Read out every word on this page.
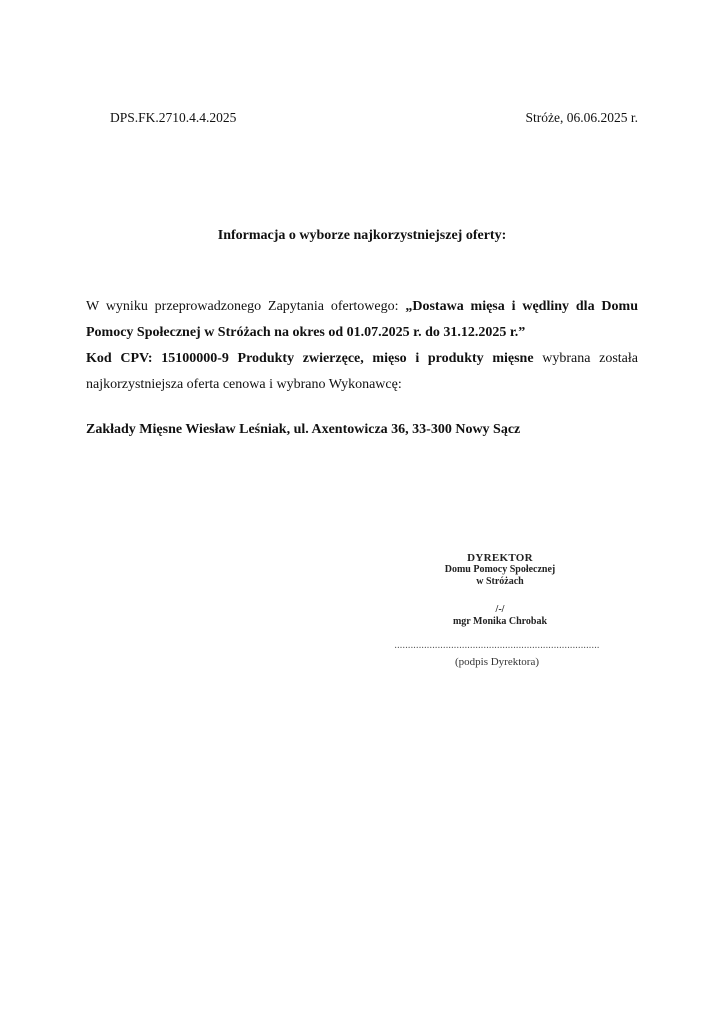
DPS.FK.2710.4.4.2025	Stróże, 06.06.2025 r.
Informacja o wyborze najkorzystniejszej oferty:

W wyniku przeprowadzonego Zapytania ofertowego: „Dostawa mięsa i wędliny dla Domu Pomocy Społecznej w Stróżach na okres od 01.07.2025 r. do 31.12.2025 r.”

Kod CPV: 15100000-9 Produkty zwierzęce, mięso i produkty mięsne wybrana została najkorzystniejsza oferta cenowa i wybrano Wykonawcę:

Zakłady Mięsne Wiesław Leśniak, ul. Axentowicza 36, 33-300 Nowy Sącz
DYREKTOR
Domu Pomocy Społecznej
w Stróżach
/-/
mgr Monika Chrobak
............................................................................
(podpis Dyrektora)
